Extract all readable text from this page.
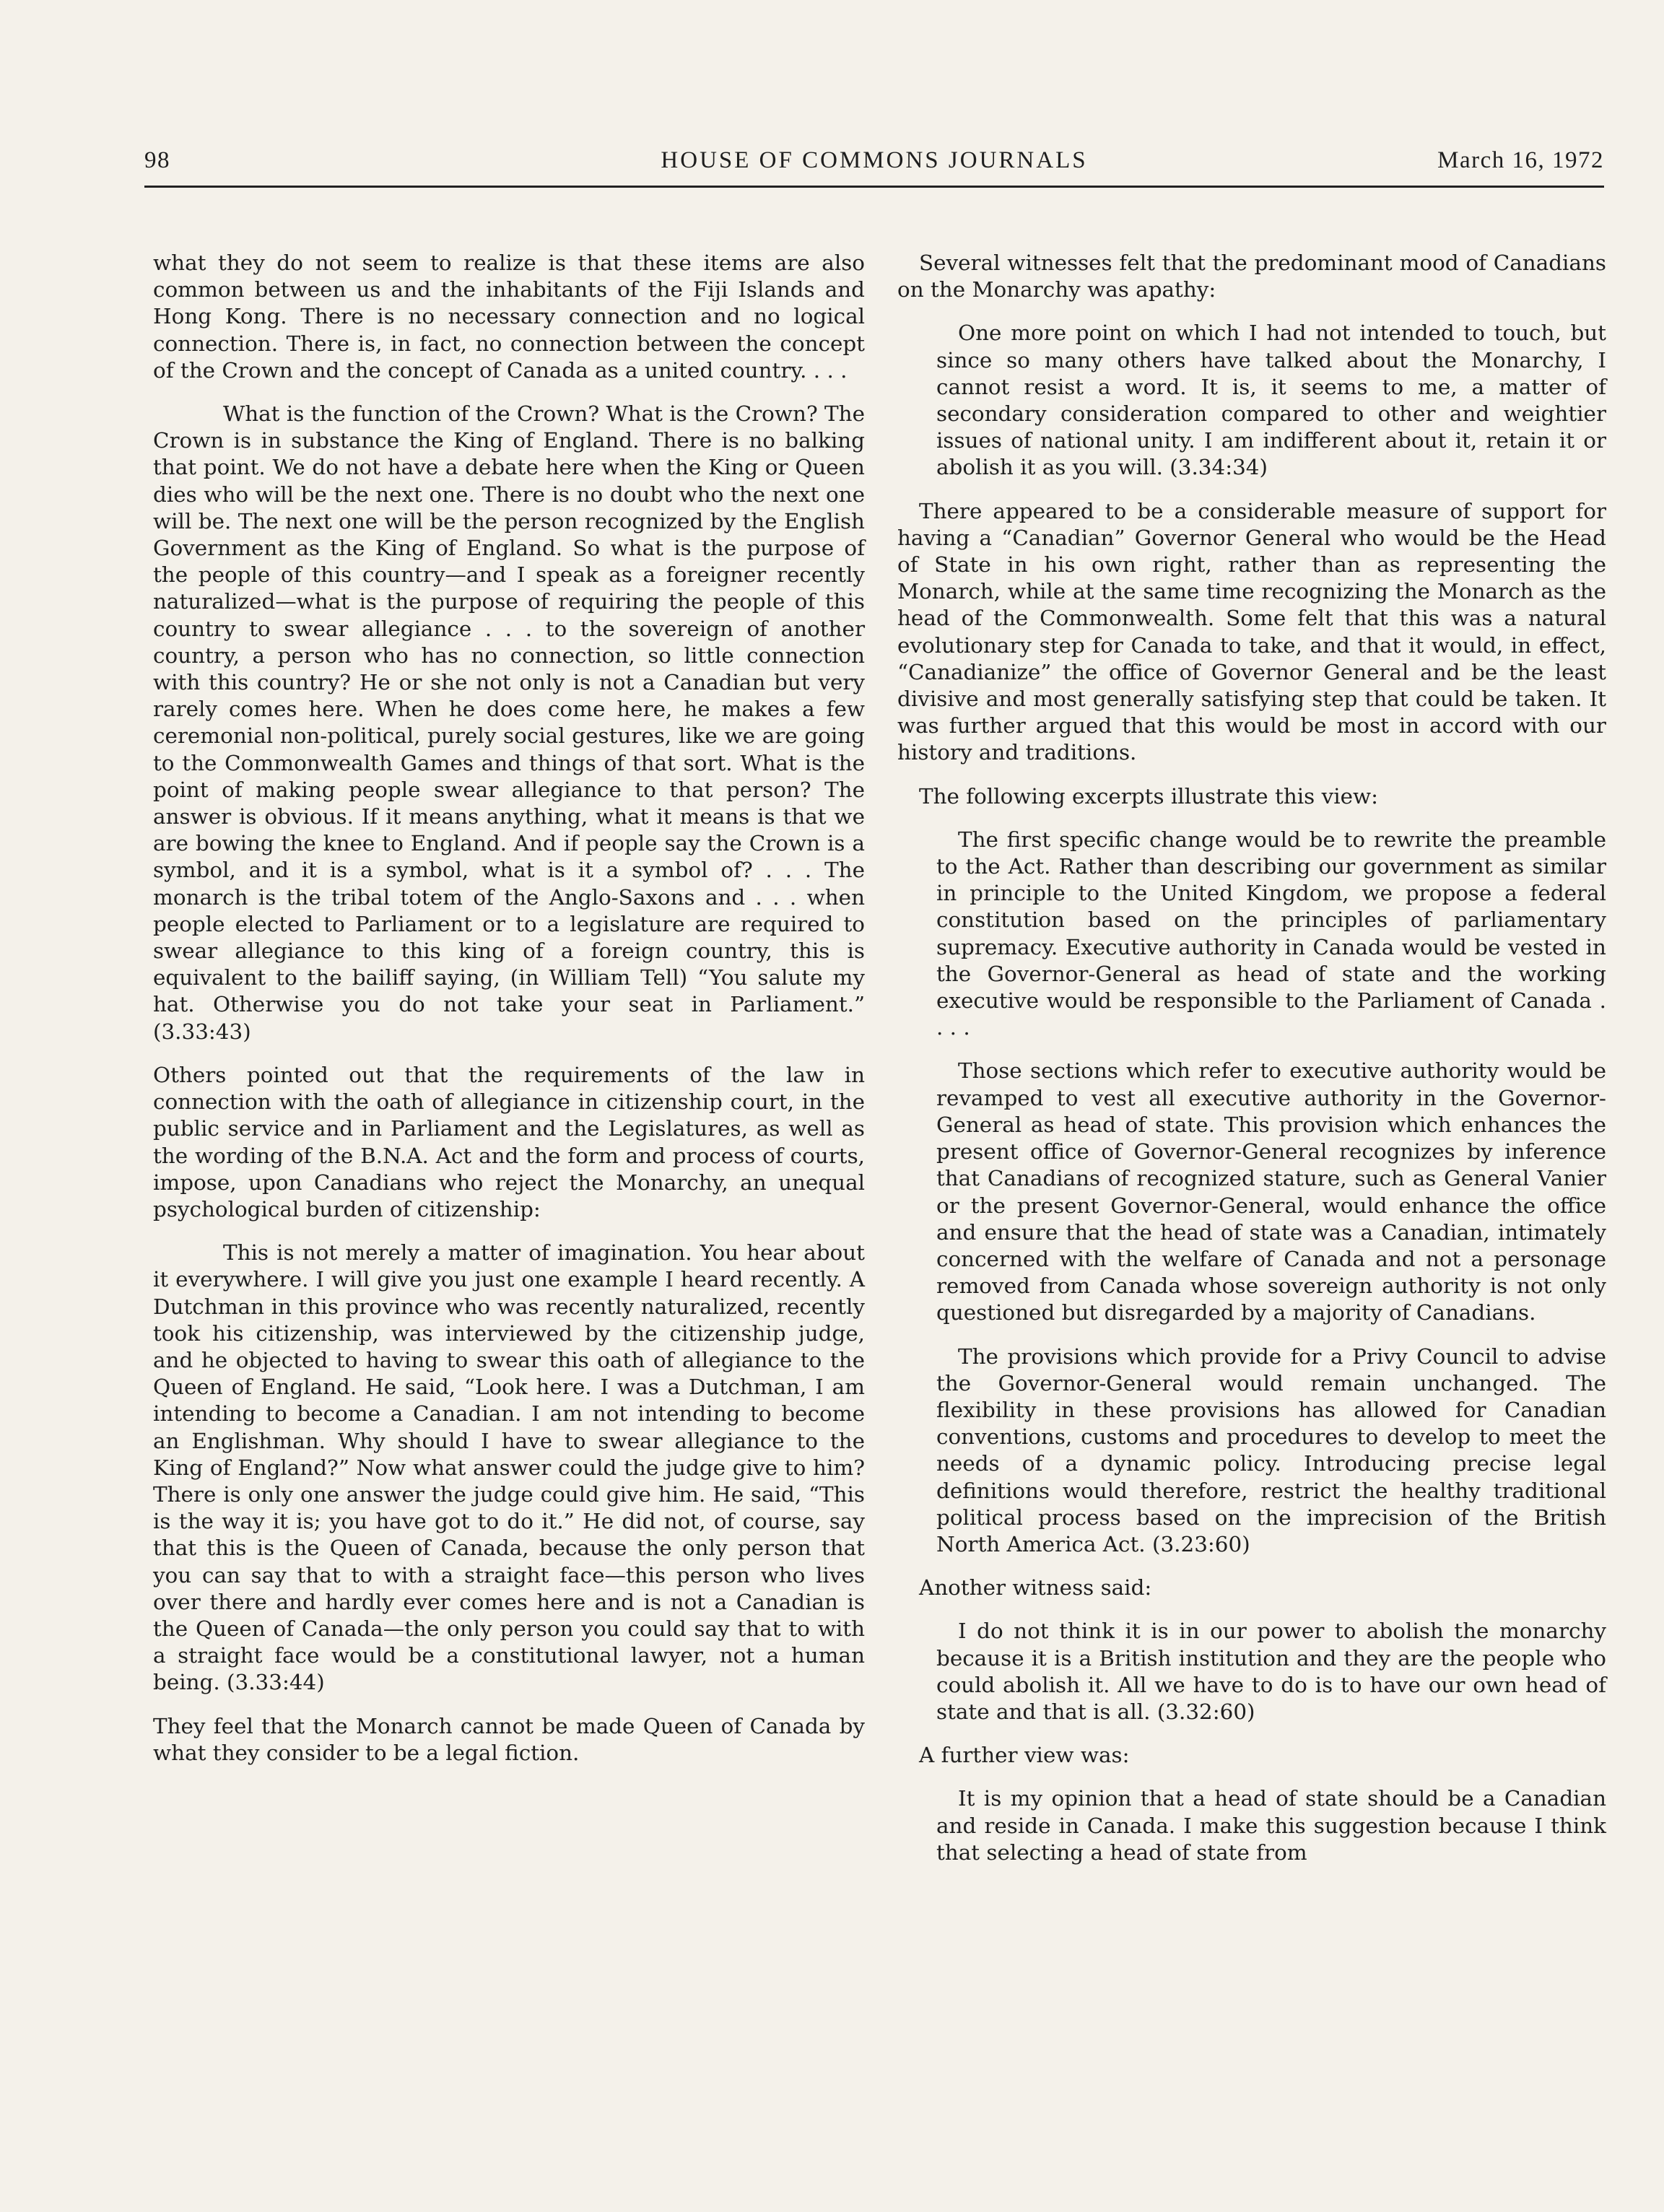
98	HOUSE OF COMMONS JOURNALS	March 16, 1972

what they do not seem to realize is that these items are also common between us and the inhabitants of the Fiji Islands and Hong Kong. There is no necessary connection and no logical connection. There is, in fact, no connection between the concept of the Crown and the concept of Canada as a united country. . . .

What is the function of the Crown? What is the Crown? The Crown is in substance the King of England. There is no balking that point. We do not have a debate here when the King or Queen dies who will be the next one. There is no doubt who the next one will be. The next one will be the person recognized by the English Government as the King of England. So what is the purpose of the people of this country—and I speak as a foreigner recently naturalized—what is the purpose of requiring the people of this country to swear allegiance . . . to the sovereign of another country, a person who has no connection, so little connection with this country? He or she not only is not a Canadian but very rarely comes here. When he does come here, he makes a few ceremonial non-political, purely social gestures, like we are going to the Commonwealth Games and things of that sort. What is the point of making people swear allegiance to that person? The answer is obvious. If it means anything, what it means is that we are bowing the knee to England. And if people say the Crown is a symbol, and it is a symbol, what is it a symbol of? . . . The monarch is the tribal totem of the Anglo-Saxons and . . . when people elected to Parliament or to a legislature are required to swear allegiance to this king of a foreign country, this is equivalent to the bailiff saying, (in William Tell) “You salute my hat. Otherwise you do not take your seat in Parliament.” (3.33:43)

Others pointed out that the requirements of the law in connection with the oath of allegiance in citizenship court, in the public service and in Parliament and the Legislatures, as well as the wording of the B.N.A. Act and the form and process of courts, impose, upon Canadians who reject the Monarchy, an unequal psychological burden of citizenship:

This is not merely a matter of imagination. You hear about it everywhere. I will give you just one example I heard recently. A Dutchman in this province who was recently naturalized, recently took his citizenship, was interviewed by the citizenship judge, and he objected to having to swear this oath of allegiance to the Queen of England. He said, “Look here. I was a Dutchman, I am intending to become a Canadian. I am not intending to become an Englishman. Why should I have to swear allegiance to the King of England?” Now what answer could the judge give to him? There is only one answer the judge could give him. He said, “This is the way it is; you have got to do it.” He did not, of course, say that this is the Queen of Canada, because the only person that you can say that to with a straight face—this person who lives over there and hardly ever comes here and is not a Canadian is the Queen of Canada—the only person you could say that to with a straight face would be a constitutional lawyer, not a human being. (3.33:44)

They feel that the Monarch cannot be made Queen of Canada by what they consider to be a legal fiction.

Several witnesses felt that the predominant mood of Canadians on the Monarchy was apathy:

One more point on which I had not intended to touch, but since so many others have talked about the Monarchy, I cannot resist a word. It is, it seems to me, a matter of secondary consideration compared to other and weightier issues of national unity. I am indifferent about it, retain it or abolish it as you will. (3.34:34)

There appeared to be a considerable measure of support for having a “Canadian” Governor General who would be the Head of State in his own right, rather than as representing the Monarch, while at the same time recognizing the Monarch as the head of the Commonwealth. Some felt that this was a natural evolutionary step for Canada to take, and that it would, in effect, “Canadianize” the office of Governor General and be the least divisive and most generally satisfying step that could be taken. It was further argued that this would be most in accord with our history and traditions.

The following excerpts illustrate this view:

The first specific change would be to rewrite the preamble to the Act. Rather than describing our government as similar in principle to the United Kingdom, we propose a federal constitution based on the principles of parliamentary supremacy. Executive authority in Canada would be vested in the Governor-General as head of state and the working executive would be responsible to the Parliament of Canada . . . .

Those sections which refer to executive authority would be revamped to vest all executive authority in the Governor-General as head of state. This provision which enhances the present office of Governor-General recognizes by inference that Canadians of recognized stature, such as General Vanier or the present Governor-General, would enhance the office and ensure that the head of state was a Canadian, intimately concerned with the welfare of Canada and not a personage removed from Canada whose sovereign authority is not only questioned but disregarded by a majority of Canadians.

The provisions which provide for a Privy Council to advise the Governor-General would remain unchanged. The flexibility in these provisions has allowed for Canadian conventions, customs and procedures to develop to meet the needs of a dynamic policy. Introducing precise legal definitions would therefore, restrict the healthy traditional political process based on the imprecision of the British North America Act. (3.23:60)

Another witness said:

I do not think it is in our power to abolish the monarchy because it is a British institution and they are the people who could abolish it. All we have to do is to have our own head of state and that is all. (3.32:60)

A further view was:

It is my opinion that a head of state should be a Canadian and reside in Canada. I make this suggestion because I think that selecting a head of state from
